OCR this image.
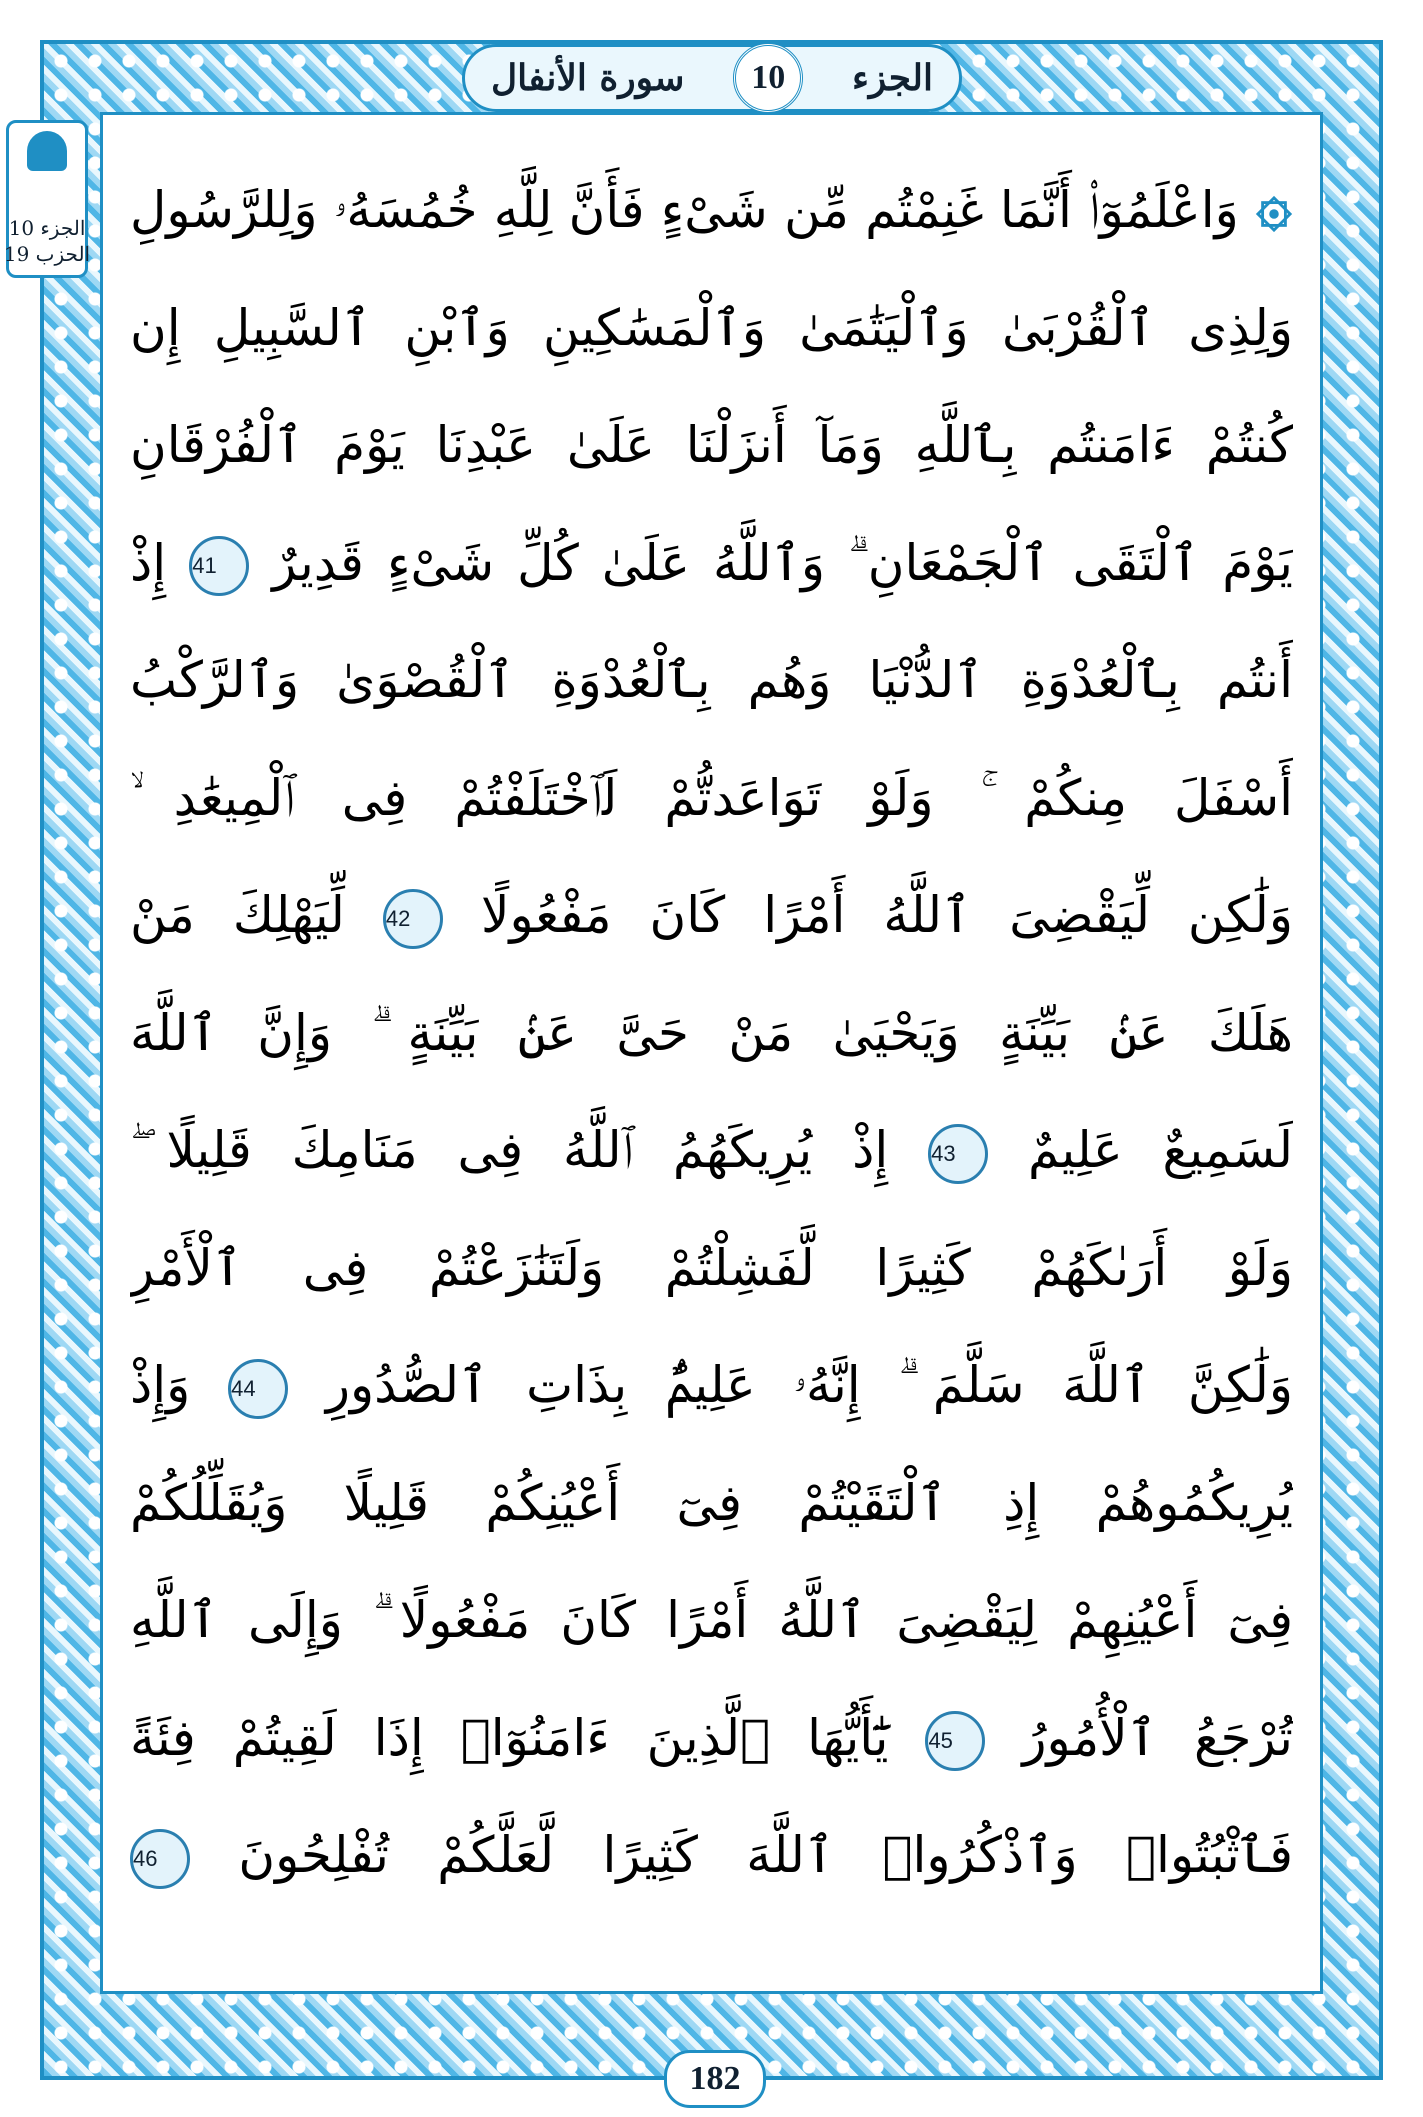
الجزء
10
سورة الأنفال
الجزء 10
الحزب 19
وَاعْلَمُوٓا۟ أَنَّمَا غَنِمْتُم مِّن شَىْءٍ فَأَنَّ لِلَّهِ خُمُسَهُۥ وَلِلرَّسُولِ
وَلِذِى ٱلْقُرْبَىٰ وَٱلْيَتَٰمَىٰ وَٱلْمَسَٰكِينِ وَٱبْنِ ٱلسَّبِيلِ إِن
كُنتُمْ ءَامَنتُم بِٱللَّهِ وَمَآ أَنزَلْنَا عَلَىٰ عَبْدِنَا يَوْمَ ٱلْفُرْقَانِ
يَوْمَ ٱلْتَقَى ٱلْجَمْعَانِ ۗ وَٱللَّهُ عَلَىٰ كُلِّ شَىْءٍ قَدِيرٌ 41 إِذْ
أَنتُم بِٱلْعُدْوَةِ ٱلدُّنْيَا وَهُم بِٱلْعُدْوَةِ ٱلْقُصْوَىٰ وَٱلرَّكْبُ
أَسْفَلَ مِنكُمْ ۚ وَلَوْ تَوَاعَدتُّمْ لَٱخْتَلَفْتُمْ فِى ٱلْمِيعَٰدِ ۙ
وَلَٰكِن لِّيَقْضِىَ ٱللَّهُ أَمْرًا كَانَ مَفْعُولًا 42 لِّيَهْلِكَ مَنْ
هَلَكَ عَنۢ بَيِّنَةٍ وَيَحْيَىٰ مَنْ حَىَّ عَنۢ بَيِّنَةٍ ۗ وَإِنَّ ٱللَّهَ
لَسَمِيعٌ عَلِيمٌ 43 إِذْ يُرِيكَهُمُ ٱللَّهُ فِى مَنَامِكَ قَلِيلًا ۖ
وَلَوْ أَرَىٰكَهُمْ كَثِيرًا لَّفَشِلْتُمْ وَلَتَنَٰزَعْتُمْ فِى ٱلْأَمْرِ
وَلَٰكِنَّ ٱللَّهَ سَلَّمَ ۗ إِنَّهُۥ عَلِيمٌۢ بِذَاتِ ٱلصُّدُورِ 44 وَإِذْ
يُرِيكُمُوهُمْ إِذِ ٱلْتَقَيْتُمْ فِىٓ أَعْيُنِكُمْ قَلِيلًا وَيُقَلِّلُكُمْ
فِىٓ أَعْيُنِهِمْ لِيَقْضِىَ ٱللَّهُ أَمْرًا كَانَ مَفْعُولًا ۗ وَإِلَى ٱللَّهِ
تُرْجَعُ ٱلْأُمُورُ 45 يَٰٓأَيُّهَا ٱلَّذِينَ ءَامَنُوٓا۟ إِذَا لَقِيتُمْ فِئَةً
فَٱثْبُتُوا۟ وَٱذْكُرُوا۟ ٱللَّهَ كَثِيرًا لَّعَلَّكُمْ تُفْلِحُونَ 46
182
